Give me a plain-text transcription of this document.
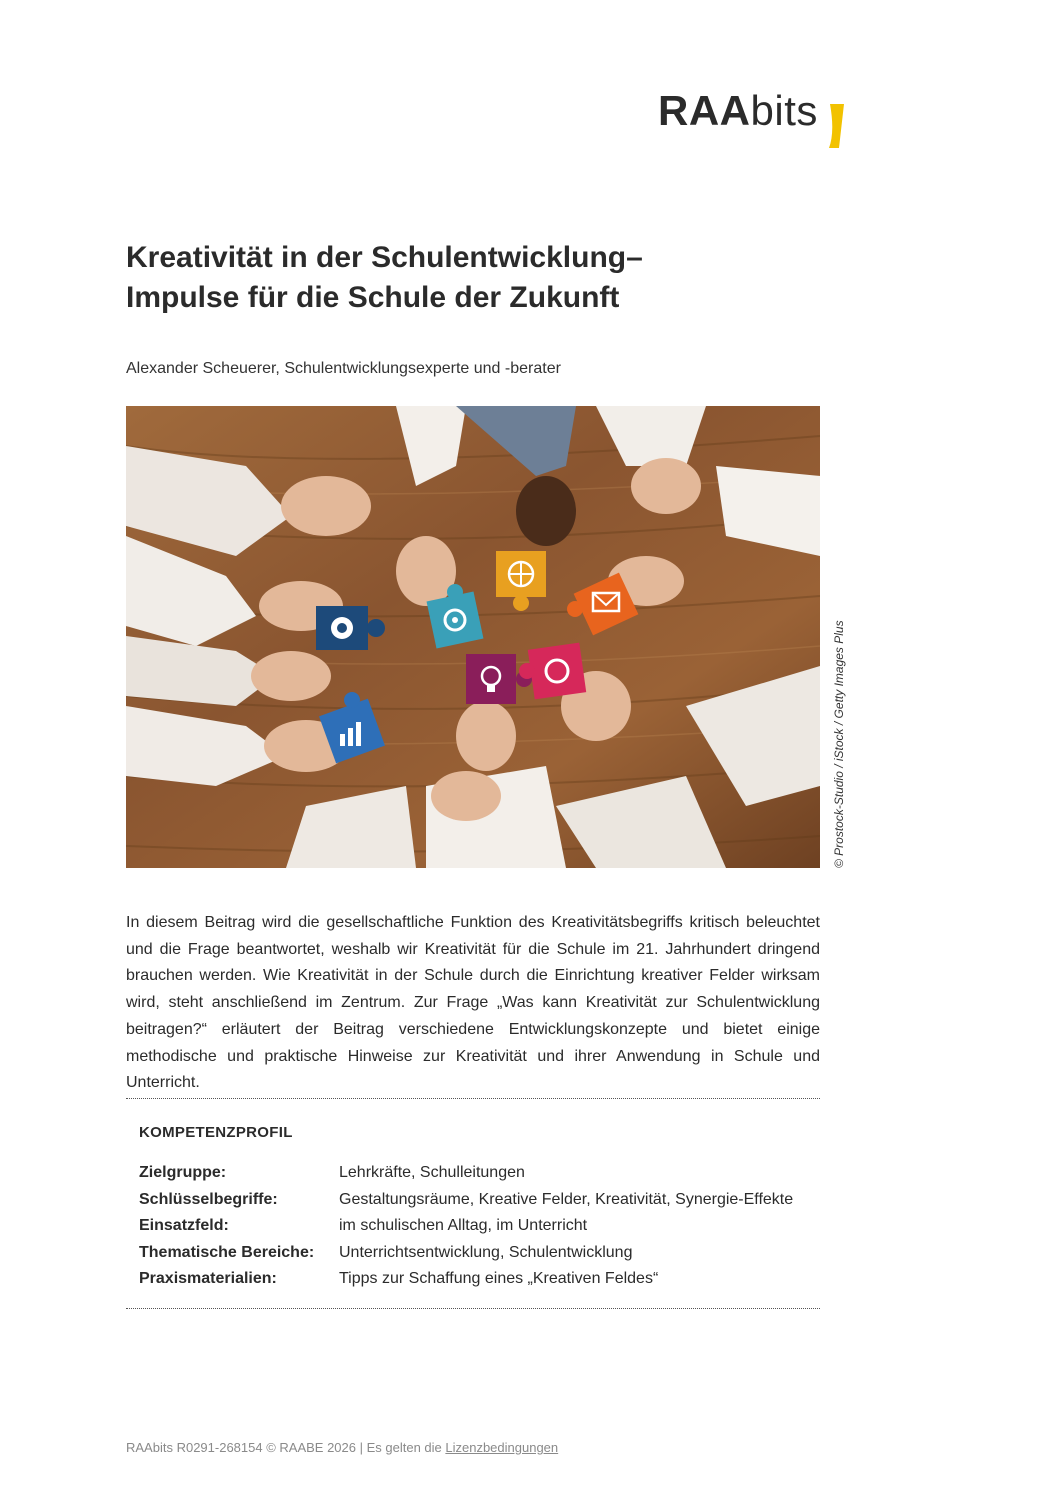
RAA bits
Kreativität in der Schulentwicklung–
Impulse für die Schule der Zukunft

Alexander Scheuerer, Schulentwicklungsexperte und -berater

© Prostock-Studio / iStock / Getty Images Plus

In diesem Beitrag wird die gesellschaftliche Funktion des Kreativitätsbegriffs kritisch beleuchtet und die Frage beantwortet, weshalb wir Kreativität für die Schule im 21. Jahrhundert dringend brauchen werden. Wie Kreativität in der Schule durch die Einrichtung kreativer Felder wirksam wird, steht anschließend im Zentrum. Zur Frage „Was kann Kreativität zur Schulentwicklung beitragen?“ erläutert der Beitrag verschiedene Entwicklungskonzepte und bietet einige methodische und praktische Hinweise zur Kreativität und ihrer Anwendung in Schule und Unterricht.

KOMPETENZPROFIL

Zielgruppe:	Lehrkräfte, Schulleitungen
Schlüsselbegriffe:	Gestaltungsräume, Kreative Felder, Kreativität, Synergie-Effekte
Einsatzfeld:	im schulischen Alltag, im Unterricht
Thematische Bereiche:	Unterrichtsentwicklung, Schulentwicklung
Praxismaterialien:	Tipps zur Schaffung eines „Kreativen Feldes“
RAAbits R0291-268154 © RAABE 2026 | Es gelten die Lizenzbedingungen
